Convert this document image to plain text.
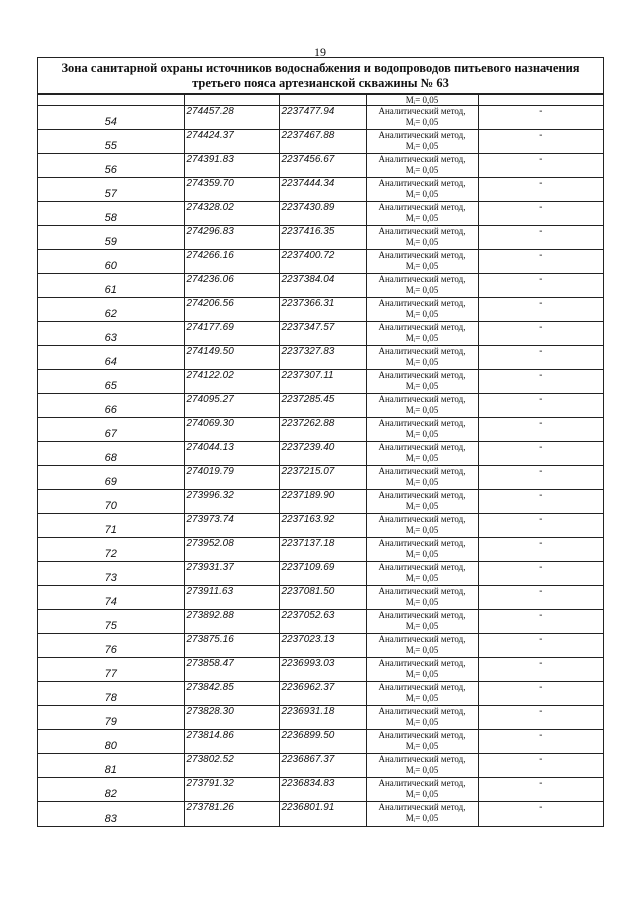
19
Зона санитарной охраны источников водоснабжения и водопроводов питьевого назначения
третьего пояса артезианской скважины № 63

			Мᵢ= 0,05	

54	274457.28	2237477.94	Аналитический метод,
Мᵢ= 0,05	-
55	274424.37	2237467.88	Аналитический метод,
Мᵢ= 0,05	-
56	274391.83	2237456.67	Аналитический метод,
Мᵢ= 0,05	-
57	274359.70	2237444.34	Аналитический метод,
Мᵢ= 0,05	-
58	274328.02	2237430.89	Аналитический метод,
Мᵢ= 0,05	-
59	274296.83	2237416.35	Аналитический метод,
Мᵢ= 0,05	-
60	274266.16	2237400.72	Аналитический метод,
Мᵢ= 0,05	-
61	274236.06	2237384.04	Аналитический метод,
Мᵢ= 0,05	-
62	274206.56	2237366.31	Аналитический метод,
Мᵢ= 0,05	-
63	274177.69	2237347.57	Аналитический метод,
Мᵢ= 0,05	-
64	274149.50	2237327.83	Аналитический метод,
Мᵢ= 0,05	-
65	274122.02	2237307.11	Аналитический метод,
Мᵢ= 0,05	-
66	274095.27	2237285.45	Аналитический метод,
Мᵢ= 0,05	-
67	274069.30	2237262.88	Аналитический метод,
Мᵢ= 0,05	-
68	274044.13	2237239.40	Аналитический метод,
Мᵢ= 0,05	-
69	274019.79	2237215.07	Аналитический метод,
Мᵢ= 0,05	-
70	273996.32	2237189.90	Аналитический метод,
Мᵢ= 0,05	-
71	273973.74	2237163.92	Аналитический метод,
Мᵢ= 0,05	-
72	273952.08	2237137.18	Аналитический метод,
Мᵢ= 0,05	-
73	273931.37	2237109.69	Аналитический метод,
Мᵢ= 0,05	-
74	273911.63	2237081.50	Аналитический метод,
Мᵢ= 0,05	-
75	273892.88	2237052.63	Аналитический метод,
Мᵢ= 0,05	-
76	273875.16	2237023.13	Аналитический метод,
Мᵢ= 0,05	-
77	273858.47	2236993.03	Аналитический метод,
Мᵢ= 0,05	-
78	273842.85	2236962.37	Аналитический метод,
Мᵢ= 0,05	-
79	273828.30	2236931.18	Аналитический метод,
Мᵢ= 0,05	-
80	273814.86	2236899.50	Аналитический метод,
Мᵢ= 0,05	-
81	273802.52	2236867.37	Аналитический метод,
Мᵢ= 0,05	-
82	273791.32	2236834.83	Аналитический метод,
Мᵢ= 0,05	-
83	273781.26	2236801.91	Аналитический метод,
Мᵢ= 0,05	-
